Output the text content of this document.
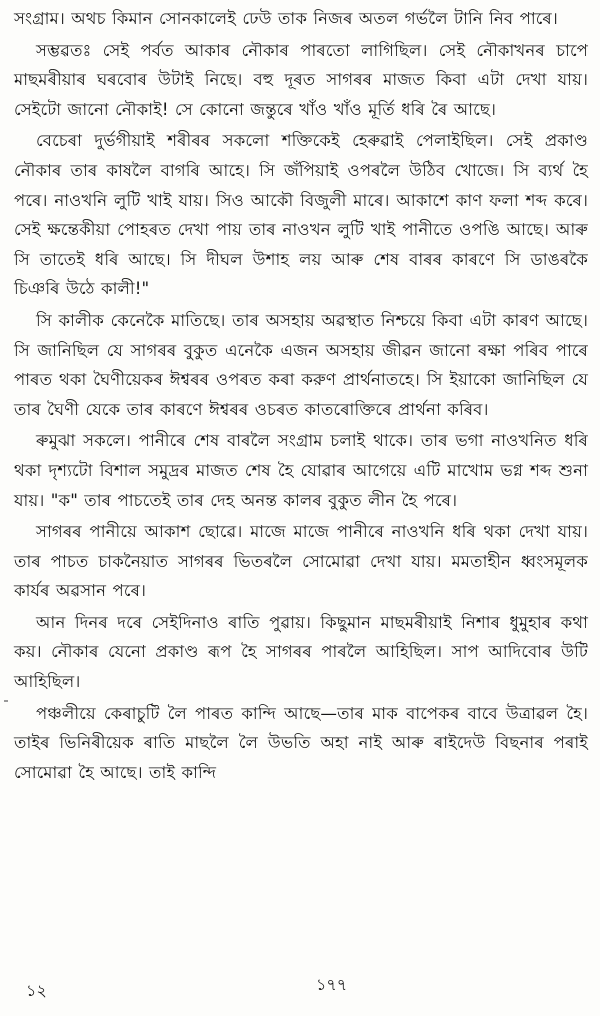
সংগ্ৰাম। অথচ কিমান সোনকালেই ঢেউ তাক নিজৰ অতল গৰ্ভলৈ টানি নিব পাৰে।

সম্ভৱতঃ সেই পৰ্বত আকাৰ নৌকাৰ পাৰতো লাগিছিল। সেই নৌকাখনৰ চাপে মাছমৰীয়াৰ ঘৰবোৰ উটাই নিছে। বহু দূৰত সাগৰৰ মাজত কিবা এটা দেখা যায়। সেইটো জানো নৌকাই! সে কোনো জন্তুৰে খাঁও খাঁও মূৰ্তি ধৰি ৰৈ আছে।

বেচেৰা দুৰ্ভগীয়াই শৰীৰৰ সকলো শক্তিকেই হেৰুৱাই পেলাইছিল। সেই প্ৰকাণ্ড নৌকাৰ তাৰ কাষলৈ বাগৰি আহে। সি জঁপিয়াই ওপৰলৈ উঠিব খোজে। সি ব্যৰ্থ হৈ পৰে। নাওখনি লুটি খাই যায়। সিও আকৌ বিজুলী মাৰে। আকাশে কাণ ফলা শব্দ কৰে। সেই ক্ষন্তেকীয়া পোহৰত দেখা পায় তাৰ নাওখন লুটি খাই পানীতে ওপঙি আছে। আৰু সি তাতেই ধৰি আছে। সি দীঘল উশাহ লয় আৰু শেষ বাৰৰ কাৰণে সি ডাঙৰকৈ চিঞৰি উঠে কালী!"

সি কালীক কেনেকৈ মাতিছে। তাৰ অসহায় অৱস্থাত নিশ্চয়ে কিবা এটা কাৰণ আছে। সি জানিছিল যে সাগৰৰ বুকুত এনেকৈ এজন অসহায় জীৱন জানো ৰক্ষা পৰিব পাৰে পাৰত থকা ঘৈণীয়েকৰ ঈশ্বৰৰ ওপৰত কৰা করুণ প্ৰাৰ্থনাতহে। সি ইয়াকো জানিছিল যে তাৰ ঘৈণী যেকে তাৰ কাৰণে ঈশ্বৰৰ ওচৰত কাতৰোক্তিৰে প্ৰাৰ্থনা কৰিব।

ৰুমুঝা সকলে। পানীৰে শেষ বাৰলৈ সংগ্ৰাম চলাই থাকে। তাৰ ভগা নাওখনিত ধৰি থকা দৃশ্যটো বিশাল সমুদ্ৰৰ মাজত শেষ হৈ যোৱাৰ আগেয়ে এটি মাখোম ভগ্ন শব্দ শুনা যায়। "ক" তাৰ পাচতেই তাৰ দেহ অনন্ত কালৰ বুকুত লীন হৈ পৰে।

সাগৰৰ পানীয়ে আকাশ ছোৱে। মাজে মাজে পানীৰে নাওখনি ধৰি থকা দেখা যায়। তাৰ পাচত চাকনৈয়াত সাগৰৰ ভিতৰলৈ সোমোৱা দেখা যায়। মমতাহীন ধ্বংসমূলক কাৰ্যৰ অৱসান পৰে।

আন দিনৰ দৰে সেইদিনাও ৰাতি পুৱায়। কিছুমান মাছমৰীয়াই নিশাৰ ধুমুহাৰ কথা কয়। নৌকাৰ যেনো প্ৰকাণ্ড ৰূপ হৈ সাগৰৰ পাৰলৈ আহিছিল। সাপ আদিবোৰ উটি আহিছিল।

পঞ্চলীয়ে কেৰাচুটি লৈ পাৰত কান্দি আছে—তাৰ মাক বাপেকৰ বাবে উত্ৰাৱল হৈ। তাইৰ ভিনিৰীয়েক ৰাতি মাছলৈ লৈ উভতি অহা নাই আৰু ৰাইদেউ বিছনাৰ পৰাই সোমোৱা হৈ আছে। তাই কান্দি

১২	১৭৭
